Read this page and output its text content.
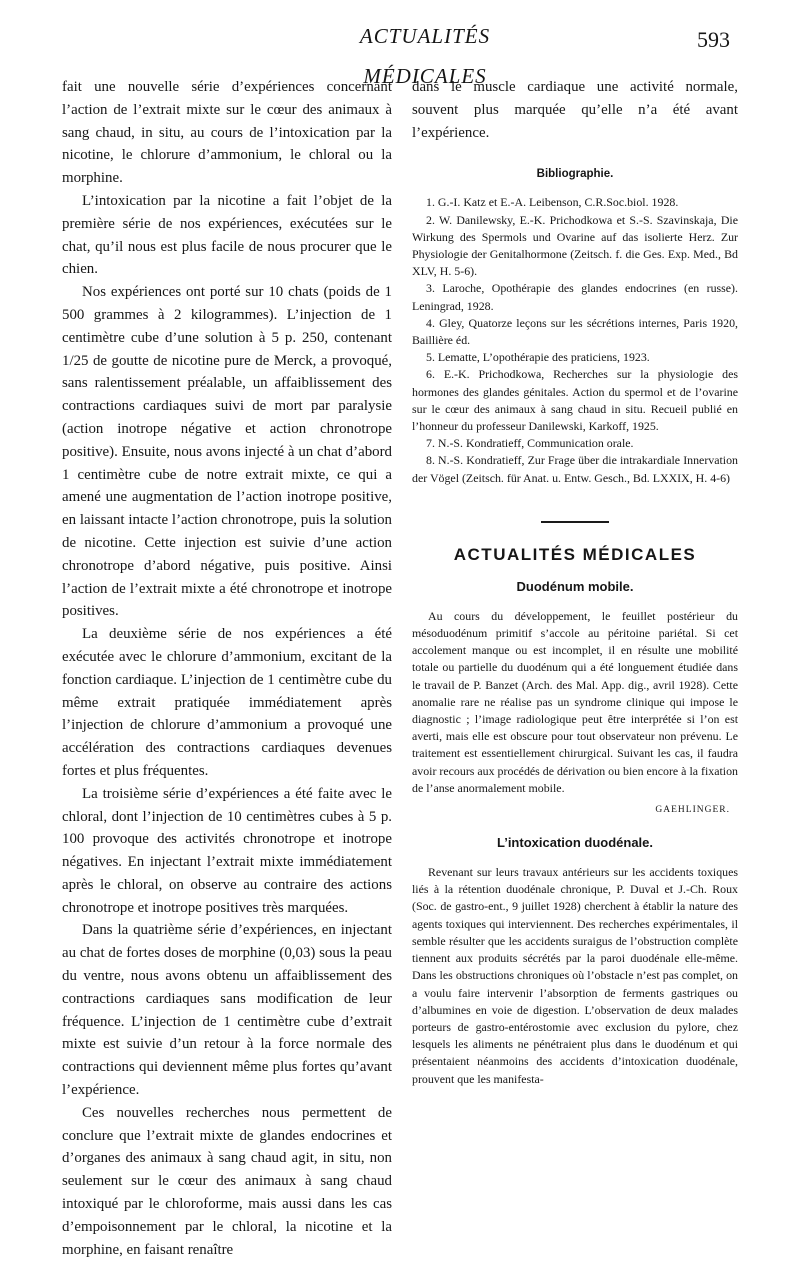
ACTUALITÉS MÉDICALES
593

fait une nouvelle série d’expériences concernant l’action de l’extrait mixte sur le cœur des animaux à sang chaud, in situ, au cours de l’intoxication par la nicotine, le chlorure d’ammonium, le chloral ou la morphine.

L’intoxication par la nicotine a fait l’objet de la première série de nos expériences, exécutées sur le chat, qu’il nous est plus facile de nous procurer que le chien.

Nos expériences ont porté sur 10 chats (poids de 1 500 grammes à 2 kilogrammes). L’injection de 1 centimètre cube d’une solution à 5 p. 250, contenant 1/25 de goutte de nicotine pure de Merck, a provoqué, sans ralentissement préalable, un affaiblissement des contractions cardiaques suivi de mort par paralysie (action inotrope négative et action chronotrope positive). Ensuite, nous avons injecté à un chat d’abord 1 centimètre cube de notre extrait mixte, ce qui a amené une augmentation de l’action inotrope positive, en laissant intacte l’action chronotrope, puis la solution de nicotine. Cette injection est suivie d’une action chronotrope d’abord négative, puis positive. Ainsi l’action de l’extrait mixte a été chronotrope et inotrope positives.

La deuxième série de nos expériences a été exécutée avec le chlorure d’ammonium, excitant de la fonction cardiaque. L’injection de 1 centimètre cube du même extrait pratiquée immédiatement après l’injection de chlorure d’ammonium a provoqué une accélération des contractions cardiaques devenues fortes et plus fréquentes.

La troisième série d’expériences a été faite avec le chloral, dont l’injection de 10 centimètres cubes à 5 p. 100 provoque des activités chronotrope et inotrope négatives. En injectant l’extrait mixte immédiatement après le chloral, on observe au contraire des actions chronotrope et inotrope positives très marquées.

Dans la quatrième série d’expériences, en injectant au chat de fortes doses de morphine (0,03) sous la peau du ventre, nous avons obtenu un affaiblissement des contractions cardiaques sans modification de leur fréquence. L’injection de 1 centimètre cube d’extrait mixte est suivie d’un retour à la force normale des contractions qui deviennent même plus fortes qu’avant l’expérience.

Ces nouvelles recherches nous permettent de conclure que l’extrait mixte de glandes endocrines et d’organes des animaux à sang chaud agit, in situ, non seulement sur le cœur des animaux à sang chaud intoxiqué par le chloroforme, mais aussi dans les cas d’empoisonnement par le chloral, la nicotine et la morphine, en faisant renaître

dans le muscle cardiaque une activité normale, souvent plus marquée qu’elle n’a été avant l’expérience.

Bibliographie.

1. G.-I. Katz et E.-A. Leibenson, C.R.Soc.biol. 1928.

2. W. Danilewsky, E.-K. Prichodkowa et S.-S. Szavinskaja, Die Wirkung des Spermols und Ovarine auf das isolierte Herz. Zur Physiologie der Genitalhormone (Zeitsch. f. die Ges. Exp. Med., Bd XLV, H. 5-6).

3. Laroche, Opothérapie des glandes endocrines (en russe). Leningrad, 1928.

4. Gley, Quatorze leçons sur les sécrétions internes, Paris 1920, Baillière éd.

5. Lematte, L’opothérapie des praticiens, 1923.

6. E.-K. Prichodkowa, Recherches sur la physiologie des hormones des glandes génitales. Action du spermol et de l’ovarine sur le cœur des animaux à sang chaud in situ. Recueil publié en l’honneur du professeur Danilewski, Karkoff, 1925.

7. N.-S. Kondratieff, Communication orale.

8. N.-S. Kondratieff, Zur Frage über die intrakardiale Innervation der Vögel (Zeitsch. für Anat. u. Entw. Gesch., Bd. LXXIX, H. 4-6)

ACTUALITÉS MÉDICALES
Duodénum mobile.

Au cours du développement, le feuillet postérieur du mésoduodénum primitif s’accole au péritoine pariétal. Si cet accolement manque ou est incomplet, il en résulte une mobilité totale ou partielle du duodénum qui a été longuement étudiée dans le travail de P. Banzet (Arch. des Mal. App. dig., avril 1928). Cette anomalie rare ne réalise pas un syndrome clinique qui impose le diagnostic ; l’image radiologique peut être interprétée si l’on est averti, mais elle est obscure pour tout observateur non prévenu. Le traitement est essentiellement chirurgical. Suivant les cas, il faudra avoir recours aux procédés de dérivation ou bien encore à la fixation de l’anse anormalement mobile.

GAEHLINGER.
L’intoxication duodénale.

Revenant sur leurs travaux antérieurs sur les accidents toxiques liés à la rétention duodénale chronique, P. Duval et J.-Ch. Roux (Soc. de gastro-ent., 9 juillet 1928) cherchent à établir la nature des agents toxiques qui interviennent. Des recherches expérimentales, il semble résulter que les accidents suraigus de l’obstruction complète tiennent aux produits sécrétés par la paroi duodénale elle-même. Dans les obstructions chroniques où l’obstacle n’est pas complet, on a voulu faire intervenir l’absorption de ferments gastriques ou d’albumines en voie de digestion. L’observation de deux malades porteurs de gastro-entérostomie avec exclusion du pylore, chez lesquels les aliments ne pénétraient plus dans le duodénum et qui présentaient néanmoins des accidents d’intoxication duodénale, prouvent que les manifesta-
